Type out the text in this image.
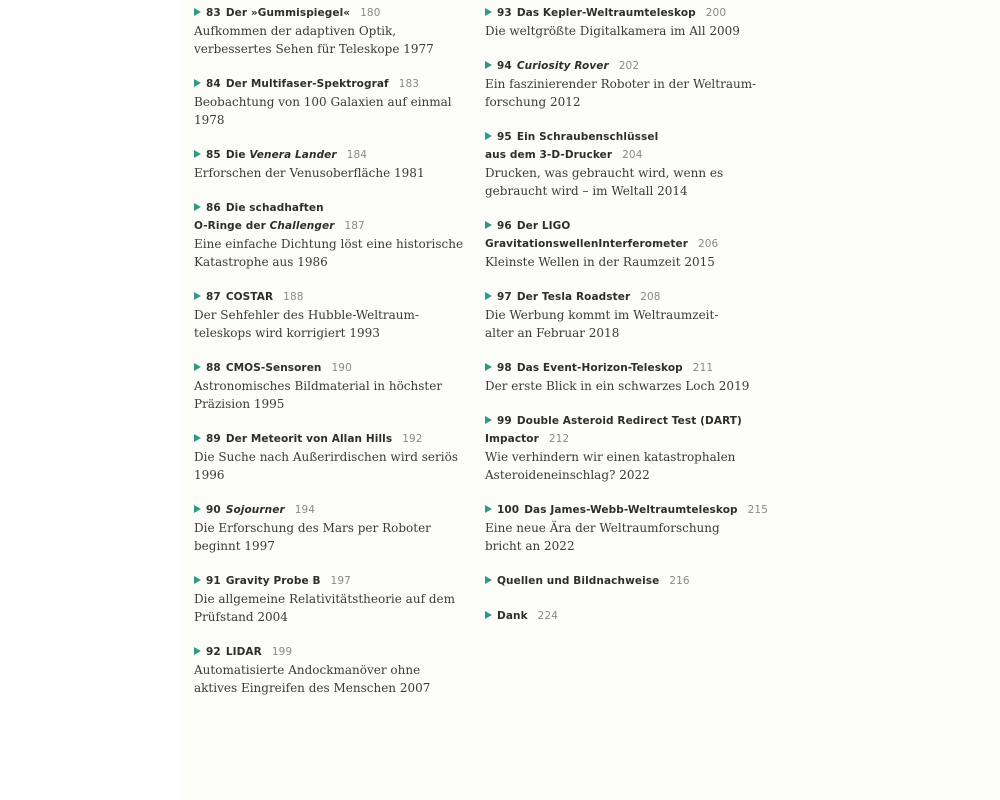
83 Der »Gummispiegel« 180
Aufkommen der adaptiven Optik,
verbessertes Sehen für Teleskope 1977
84 Der Multifaser-Spektrograf 183
Beobachtung von 100 Galaxien auf einmal
1978
85 Die Venera Lander 184
Erforschen der Venusoberfläche 1981
86 Die schadhaften
O-Ringe der Challenger 187
Eine einfache Dichtung löst eine historische
Katastrophe aus 1986
87 COSTAR 188
Der Sehfehler des Hubble-Weltraum-
teleskops wird korrigiert 1993
88 CMOS-Sensoren 190
Astronomisches Bildmaterial in höchster
Präzision 1995
89 Der Meteorit von Allan Hills 192
Die Suche nach Außerirdischen wird seriös
1996
90 Sojourner 194
Die Erforschung des Mars per Roboter
beginnt 1997
91 Gravity Probe B 197
Die allgemeine Relativitätstheorie auf dem
Prüfstand 2004
92 LIDAR 199
Automatisierte Andockmanöver ohne
aktives Eingreifen des Menschen 2007
93 Das Kepler-Weltraumteleskop 200
Die weltgrößte Digitalkamera im All 2009
94 Curiosity Rover 202
Ein faszinierender Roboter in der Weltraum-
forschung 2012
95 Ein Schraubenschlüssel
aus dem 3-D-Drucker 204
Drucken, was gebraucht wird, wenn es
gebraucht wird – im Weltall 2014
96 Der LIGO
GravitationswellenInterferometer 206
Kleinste Wellen in der Raumzeit 2015
97 Der Tesla Roadster 208
Die Werbung kommt im Weltraumzeit-
alter an Februar 2018
98 Das Event-Horizon-Teleskop 211
Der erste Blick in ein schwarzes Loch 2019
99 Double Asteroid Redirect Test (DART)
Impactor 212
Wie verhindern wir einen katastrophalen
Asteroideneinschlag? 2022
100 Das James-Webb-Weltraumteleskop 215
Eine neue Ära der Weltraumforschung
bricht an 2022
Quellen und Bildnachweise 216
Dank 224
